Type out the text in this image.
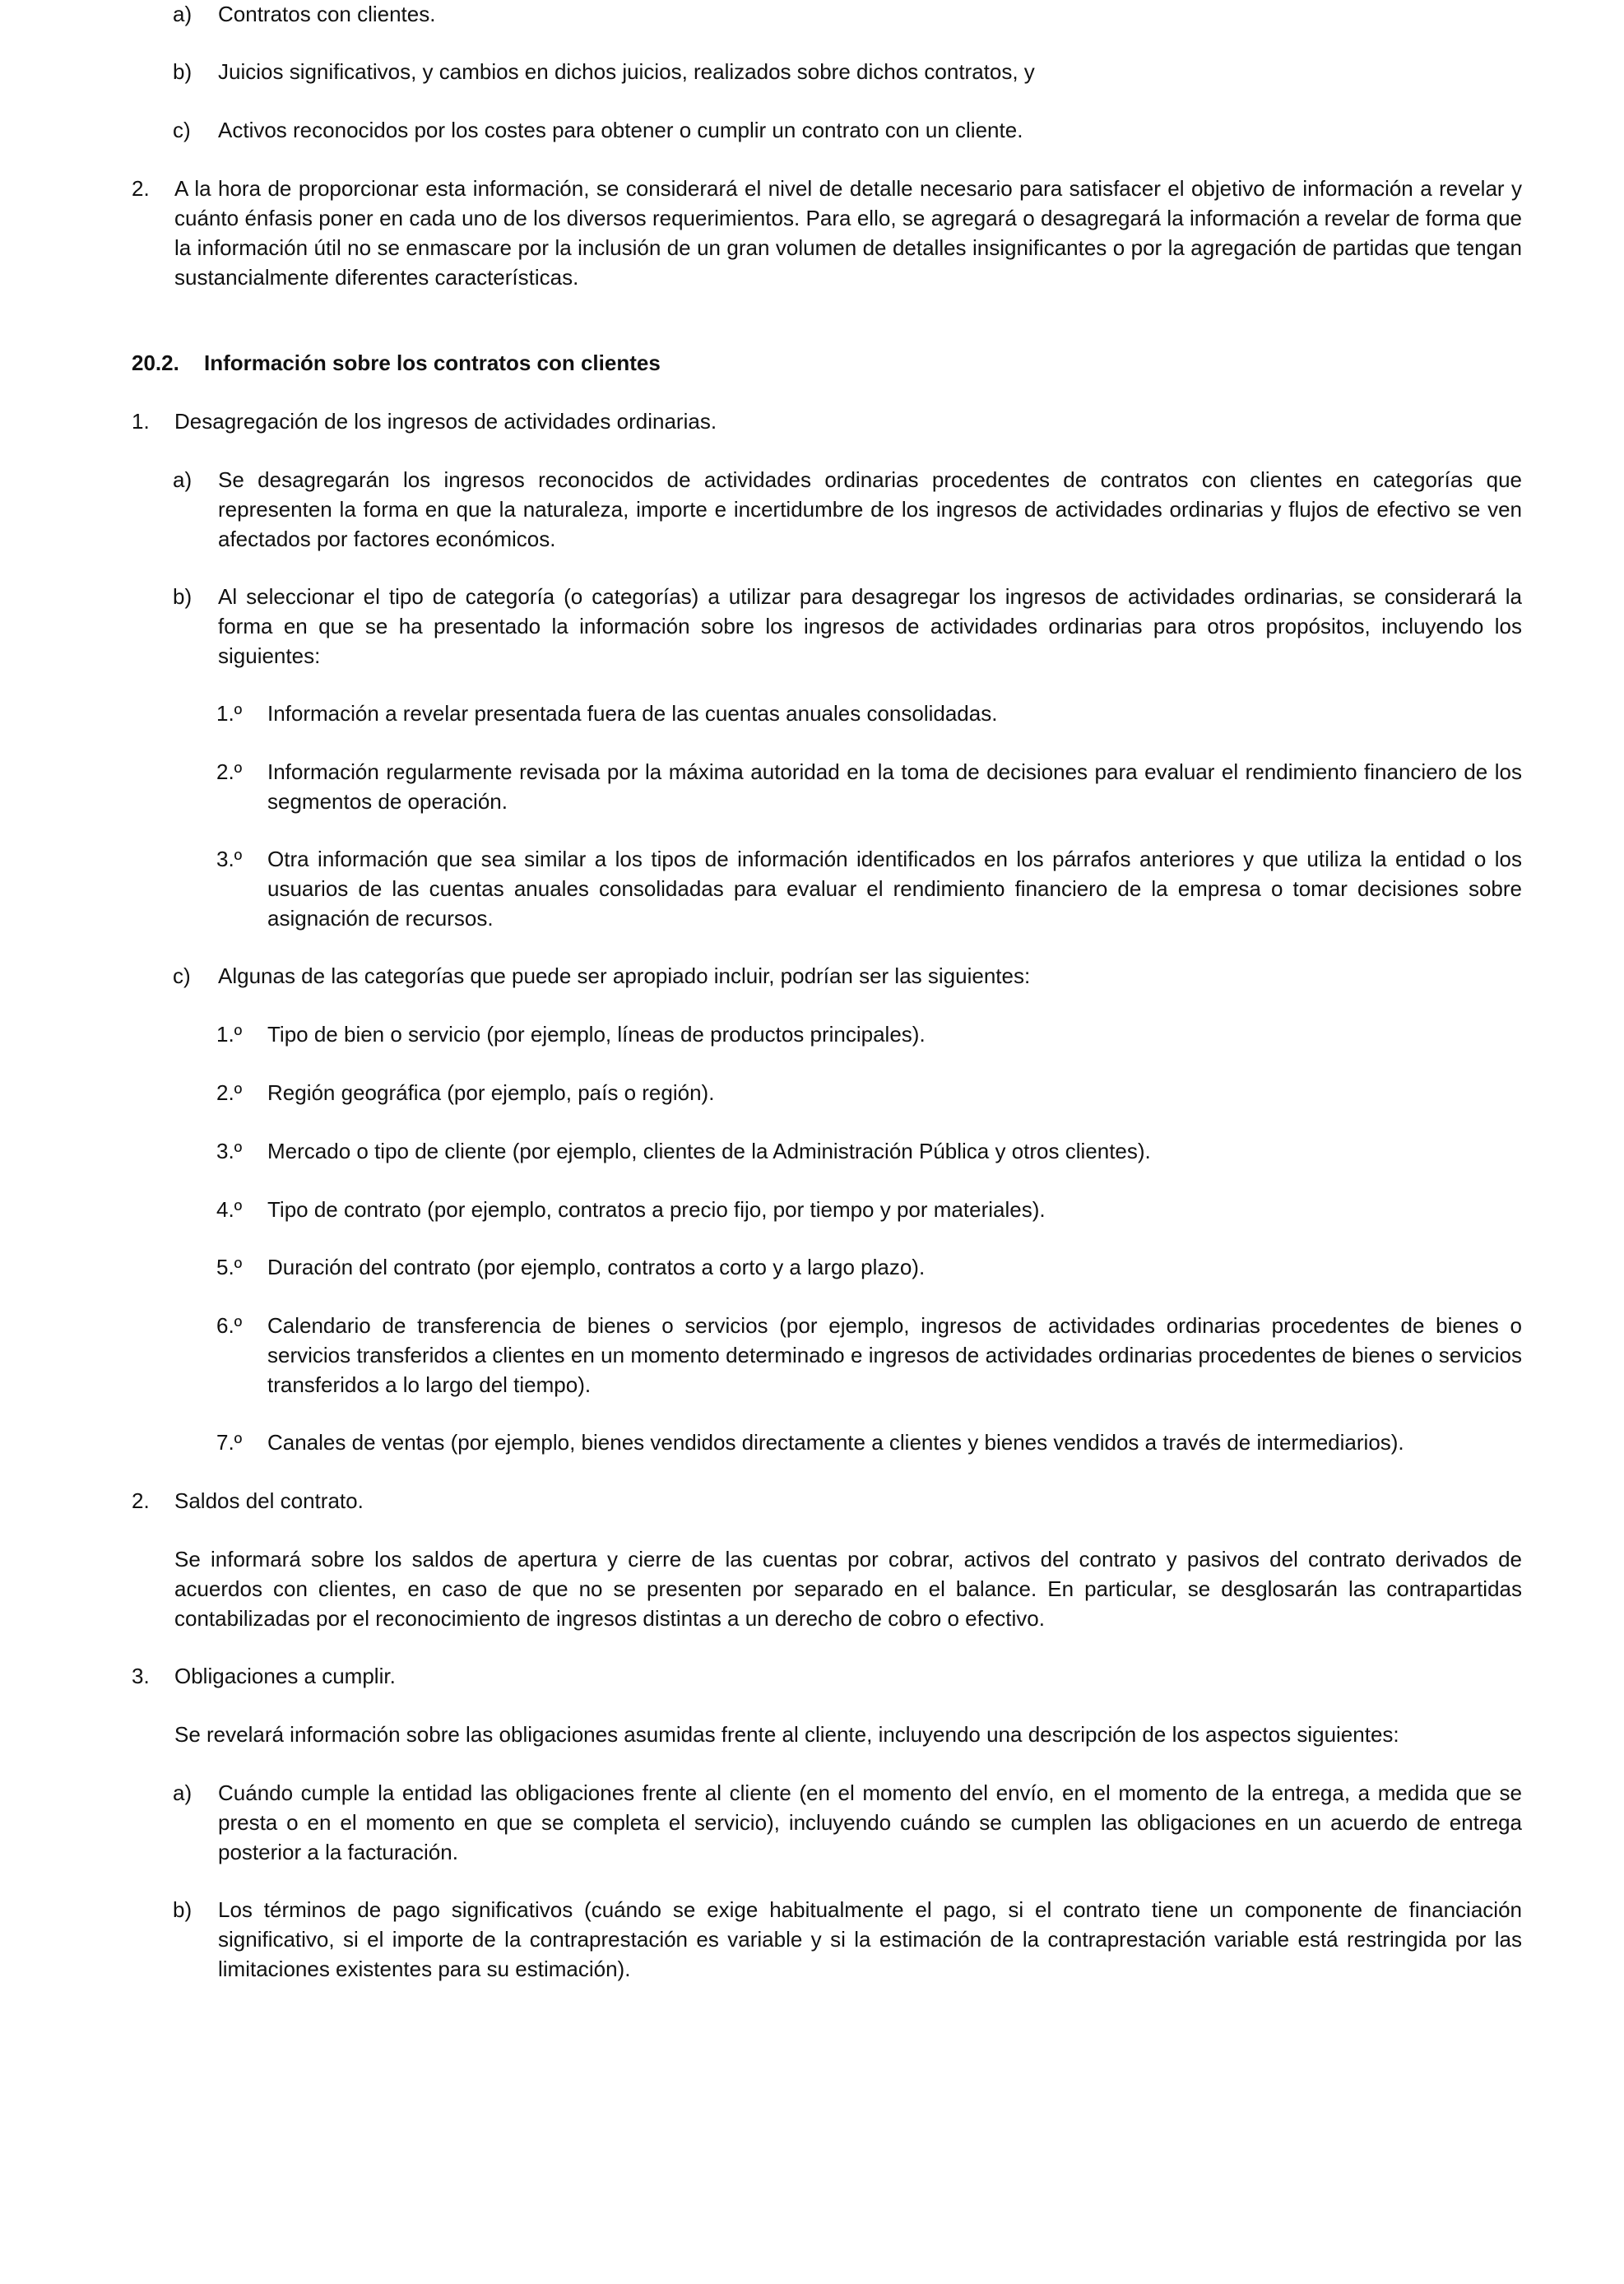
a) Contratos con clientes.
b) Juicios significativos, y cambios en dichos juicios, realizados sobre dichos contratos, y
c) Activos reconocidos por los costes para obtener o cumplir un contrato con un cliente.
2. A la hora de proporcionar esta información, se considerará el nivel de detalle necesario para satisfacer el objetivo de información a revelar y cuánto énfasis poner en cada uno de los diversos requerimientos. Para ello, se agregará o desagregará la información a revelar de forma que la información útil no se enmascare por la inclusión de un gran volumen de detalles insignificantes o por la agregación de partidas que tengan sustancialmente diferentes características.
20.2. Información sobre los contratos con clientes
1. Desagregación de los ingresos de actividades ordinarias.
a) Se desagregarán los ingresos reconocidos de actividades ordinarias procedentes de contratos con clientes en categorías que representen la forma en que la naturaleza, importe e incertidumbre de los ingresos de actividades ordinarias y flujos de efectivo se ven afectados por factores económicos.
b) Al seleccionar el tipo de categoría (o categorías) a utilizar para desagregar los ingresos de actividades ordinarias, se considerará la forma en que se ha presentado la información sobre los ingresos de actividades ordinarias para otros propósitos, incluyendo los siguientes:
1.º Información a revelar presentada fuera de las cuentas anuales consolidadas.
2.º Información regularmente revisada por la máxima autoridad en la toma de decisiones para evaluar el rendimiento financiero de los segmentos de operación.
3.º Otra información que sea similar a los tipos de información identificados en los párrafos anteriores y que utiliza la entidad o los usuarios de las cuentas anuales consolidadas para evaluar el rendimiento financiero de la empresa o tomar decisiones sobre asignación de recursos.
c) Algunas de las categorías que puede ser apropiado incluir, podrían ser las siguientes:
1.º Tipo de bien o servicio (por ejemplo, líneas de productos principales).
2.º Región geográfica (por ejemplo, país o región).
3.º Mercado o tipo de cliente (por ejemplo, clientes de la Administración Pública y otros clientes).
4.º Tipo de contrato (por ejemplo, contratos a precio fijo, por tiempo y por materiales).
5.º Duración del contrato (por ejemplo, contratos a corto y a largo plazo).
6.º Calendario de transferencia de bienes o servicios (por ejemplo, ingresos de actividades ordinarias procedentes de bienes o servicios transferidos a clientes en un momento determinado e ingresos de actividades ordinarias procedentes de bienes o servicios transferidos a lo largo del tiempo).
7.º Canales de ventas (por ejemplo, bienes vendidos directamente a clientes y bienes vendidos a través de intermediarios).
2. Saldos del contrato.
Se informará sobre los saldos de apertura y cierre de las cuentas por cobrar, activos del contrato y pasivos del contrato derivados de acuerdos con clientes, en caso de que no se presenten por separado en el balance. En particular, se desglosarán las contrapartidas contabilizadas por el reconocimiento de ingresos distintas a un derecho de cobro o efectivo.
3. Obligaciones a cumplir.
Se revelará información sobre las obligaciones asumidas frente al cliente, incluyendo una descripción de los aspectos siguientes:
a) Cuándo cumple la entidad las obligaciones frente al cliente (en el momento del envío, en el momento de la entrega, a medida que se presta o en el momento en que se completa el servicio), incluyendo cuándo se cumplen las obligaciones en un acuerdo de entrega posterior a la facturación.
b) Los términos de pago significativos (cuándo se exige habitualmente el pago, si el contrato tiene un componente de financiación significativo, si el importe de la contraprestación es variable y si la estimación de la contraprestación variable está restringida por las limitaciones existentes para su estimación).
